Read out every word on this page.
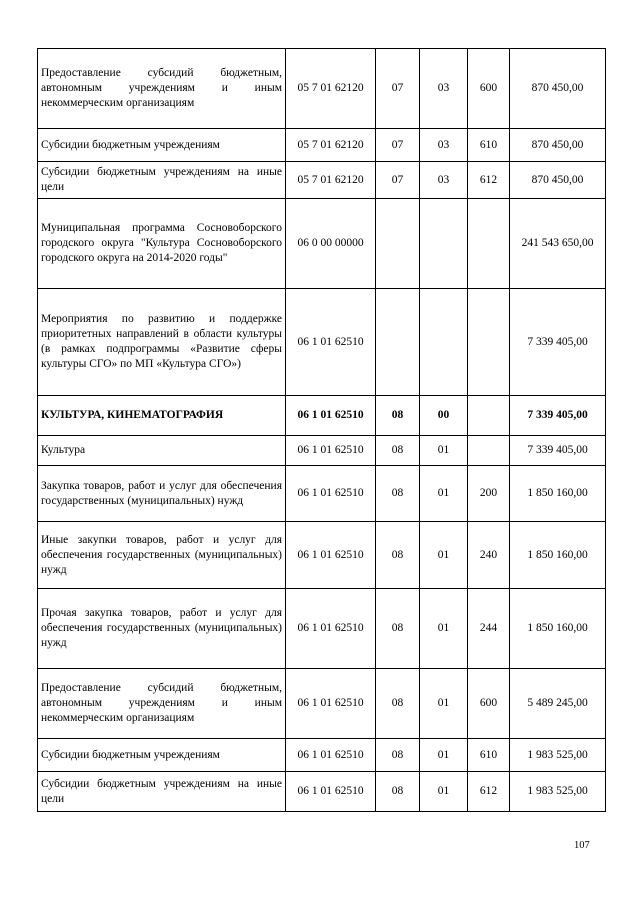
Предоставление субсидий бюджетным, автономным учреждениям и иным некоммерческим организациям	05 7 01 62120	07	03	600	870 450,00
Субсидии бюджетным учреждениям	05 7 01 62120	07	03	610	870 450,00
Субсидии бюджетным учреждениям на иные цели	05 7 01 62120	07	03	612	870 450,00
Муниципальная программа Сосновоборского городского округа "Культура Сосновоборского городского округа на 2014-2020 годы"	06 0 00 00000				241 543 650,00
Мероприятия по развитию и поддержке приоритетных направлений в области культуры (в рамках подпрограммы «Развитие сферы культуры СГО» по МП «Культура СГО»)	06 1 01 62510				7 339 405,00
КУЛЬТУРА, КИНЕМАТОГРАФИЯ	06 1 01 62510	08	00		7 339 405,00
Культура	06 1 01 62510	08	01		7 339 405,00
Закупка товаров, работ и услуг для обеспечения государственных (муниципальных) нужд	06 1 01 62510	08	01	200	1 850 160,00
Иные закупки товаров, работ и услуг для обеспечения государственных (муниципальных) нужд	06 1 01 62510	08	01	240	1 850 160,00
Прочая закупка товаров, работ и услуг для обеспечения государственных (муниципальных) нужд	06 1 01 62510	08	01	244	1 850 160,00
Предоставление субсидий бюджетным, автономным учреждениям и иным некоммерческим организациям	06 1 01 62510	08	01	600	5 489 245,00
Субсидии бюджетным учреждениям	06 1 01 62510	08	01	610	1 983 525,00
Субсидии бюджетным учреждениям на иные цели	06 1 01 62510	08	01	612	1 983 525,00
107
